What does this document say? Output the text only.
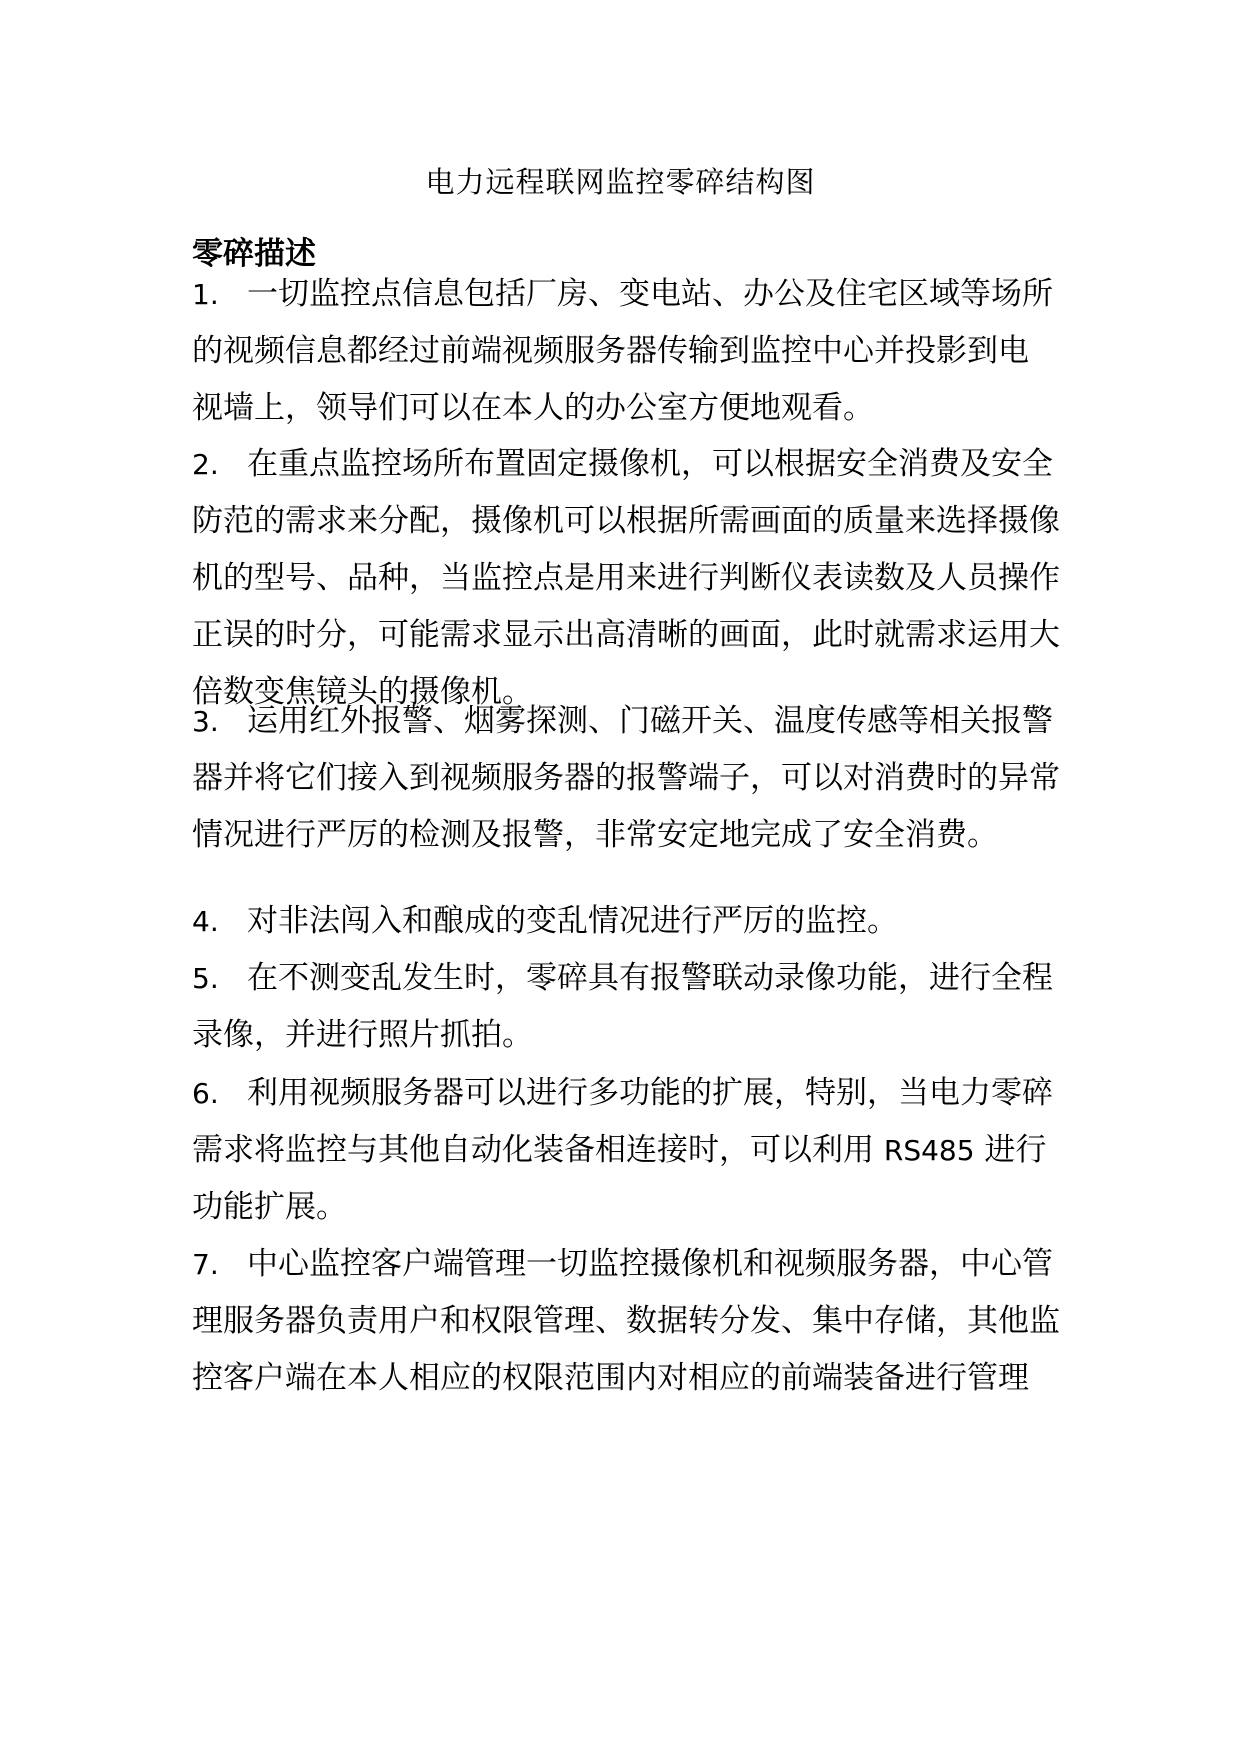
电力远程联网监控零碎结构图
零碎描述
1. 一切监控点信息包括厂房、变电站、办公及住宅区域等场所
的视频信息都经过前端视频服务器传输到监控中心并投影到电
视墙上，领导们可以在本人的办公室方便地观看。
2. 在重点监控场所布置固定摄像机，可以根据安全消费及安全
防范的需求来分配，摄像机可以根据所需画面的质量来选择摄像
机的型号、品种，当监控点是用来进行判断仪表读数及人员操作
正误的时分，可能需求显示出高清晰的画面，此时就需求运用大
倍数变焦镜头的摄像机。
3. 运用红外报警、烟雾探测、门磁开关、温度传感等相关报警
器并将它们接入到视频服务器的报警端子，可以对消费时的异常
情况进行严厉的检测及报警，非常安定地完成了安全消费。
4. 对非法闯入和酿成的变乱情况进行严厉的监控。
5. 在不测变乱发生时，零碎具有报警联动录像功能，进行全程
录像，并进行照片抓拍。
6. 利用视频服务器可以进行多功能的扩展，特别，当电力零碎
需求将监控与其他自动化装备相连接时，可以利用 RS485 进行
功能扩展。
7. 中心监控客户端管理一切监控摄像机和视频服务器，中心管
理服务器负责用户和权限管理、数据转分发、集中存储，其他监
控客户端在本人相应的权限范围内对相应的前端装备进行管理
